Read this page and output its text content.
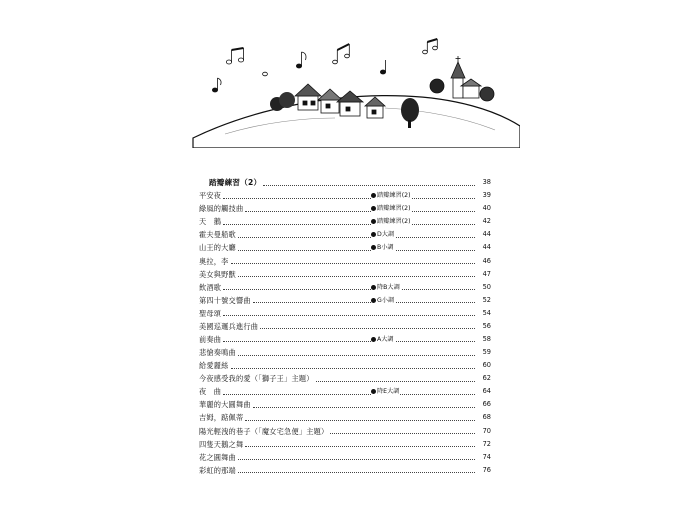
踏瓣練習（2）	38
平安夜	踏瓣練習(2)	39
綠風的觸技曲	踏瓣練習(2)	40
天　鵝	踏瓣練習(2)	42
霍夫曼船歌	D大調	44
山王的大廳	B小調	44
奧拉，李	46
美女與野獸	47
飲酒歌	降B大調	50
第四十號交響曲	G小調	52
聖母頌	54
美國巡邏兵進行曲	56
前奏曲	A大調	58
悲愴奏鳴曲	59
給愛麗絲	60
今夜感受我的愛（「獅子王」主題）	62
夜　曲	降E大調	64
華麗的大圓舞曲	66
吉姆，踮佩蒂	68
陽光輕洩的巷子（「魔女宅急便」主題）	70
四隻天鵝之舞	72
花之圓舞曲	74
彩虹的那端	76
